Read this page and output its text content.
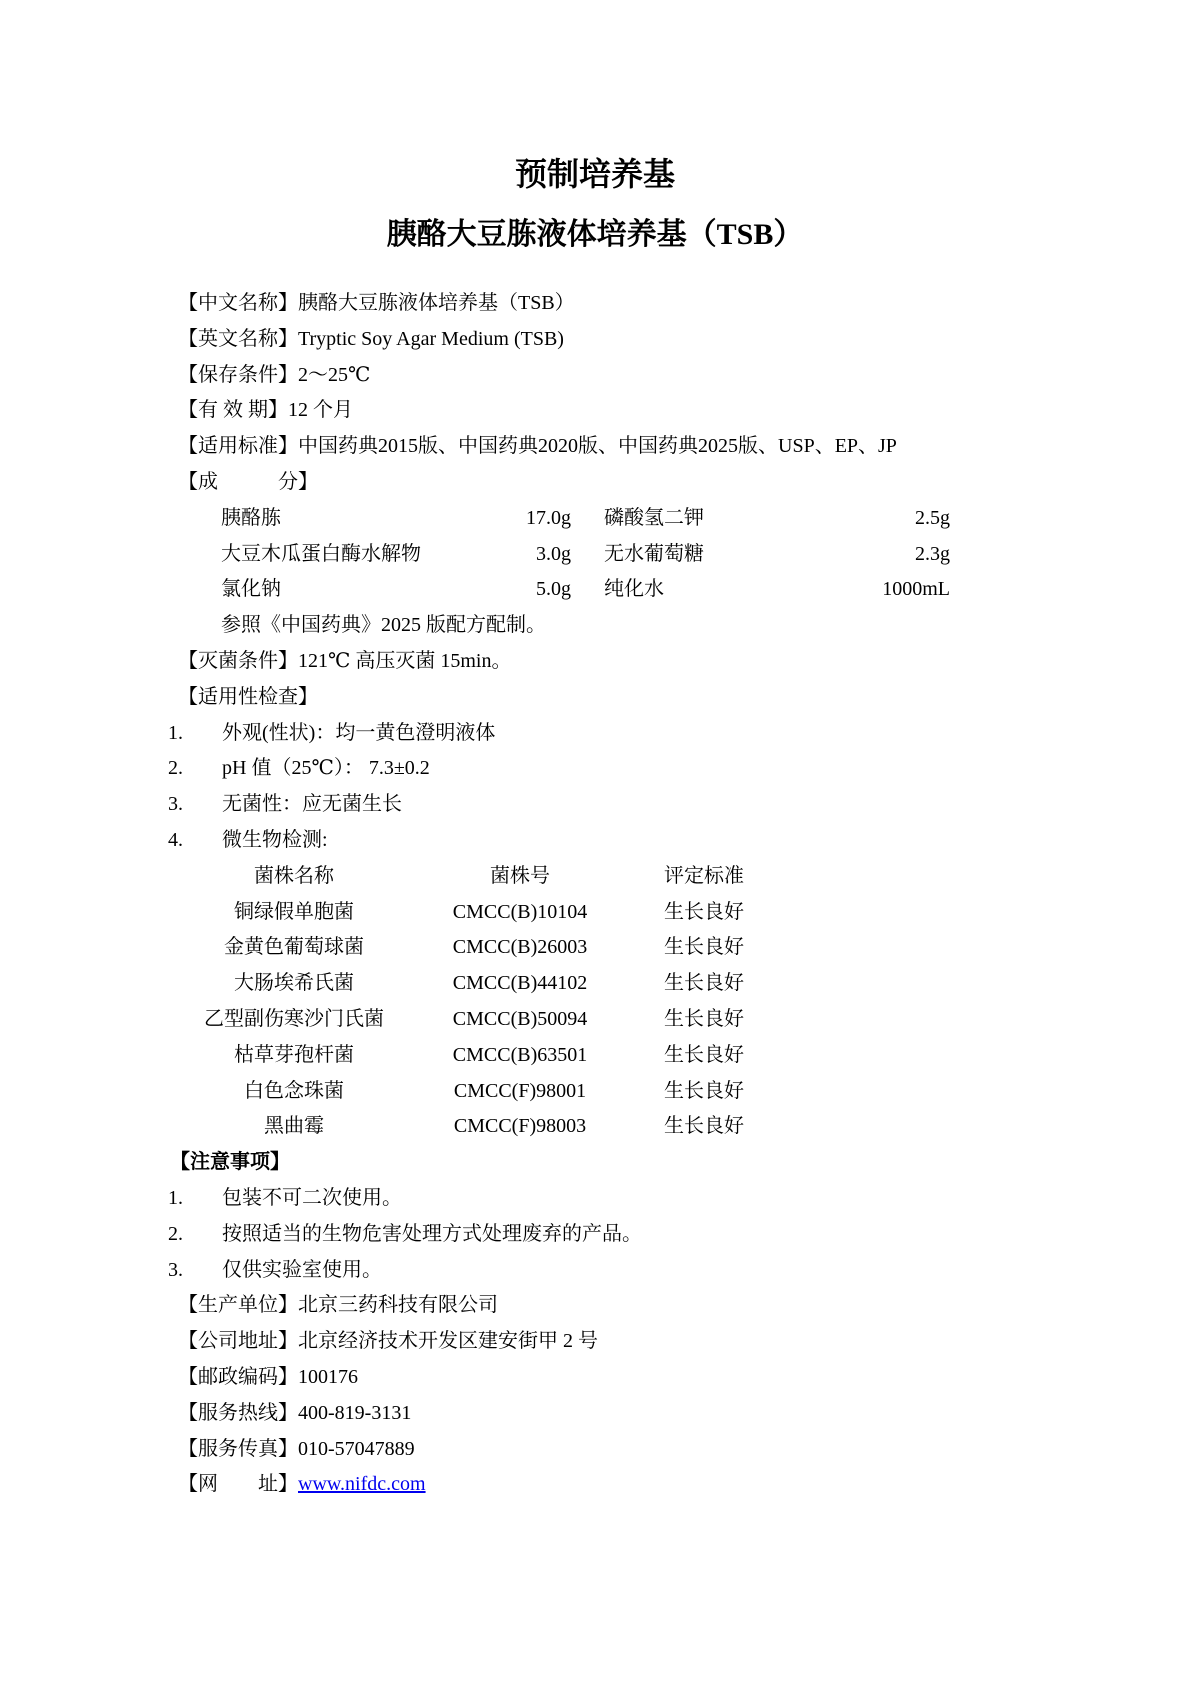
预制培养基
胰酪大豆胨液体培养基（TSB）
【中文名称】胰酪大豆胨液体培养基（TSB）
【英文名称】Tryptic Soy Agar Medium (TSB)
【保存条件】2～25℃
【有 效 期】12 个月
【适用标准】中国药典2015版、中国药典2020版、中国药典2025版、USP、EP、JP
【成　　　分】
胰酪胨	17.0g 磷酸氢二钾	2.5g
大豆木瓜蛋白酶水解物	3.0g 无水葡萄糖	2.3g
氯化钠	5.0g 纯化水	1000mL
参照《中国药典》2025 版配方配制。
【灭菌条件】121℃ 高压灭菌 15min。
【适用性检查】
1.	外观(性状)：均一黄色澄明液体
2.	pH 值（25℃）： 7.3±0.2
3.	无菌性：应无菌生长
4.	微生物检测:
菌株名称	菌株号	评定标准
铜绿假单胞菌	CMCC(B)10104	生长良好
金黄色葡萄球菌	CMCC(B)26003	生长良好
大肠埃希氏菌	CMCC(B)44102	生长良好
乙型副伤寒沙门氏菌	CMCC(B)50094	生长良好
枯草芽孢杆菌	CMCC(B)63501	生长良好
白色念珠菌	CMCC(F)98001	生长良好
黑曲霉	CMCC(F)98003	生长良好
【注意事项】
1.	包装不可二次使用。
2.	按照适当的生物危害处理方式处理废弃的产品。
3.	仅供实验室使用。
【生产单位】北京三药科技有限公司
【公司地址】北京经济技术开发区建安街甲 2 号
【邮政编码】100176
【服务热线】400-819-3131
【服务传真】010-57047889
【网　　址】www.nifdc.com
